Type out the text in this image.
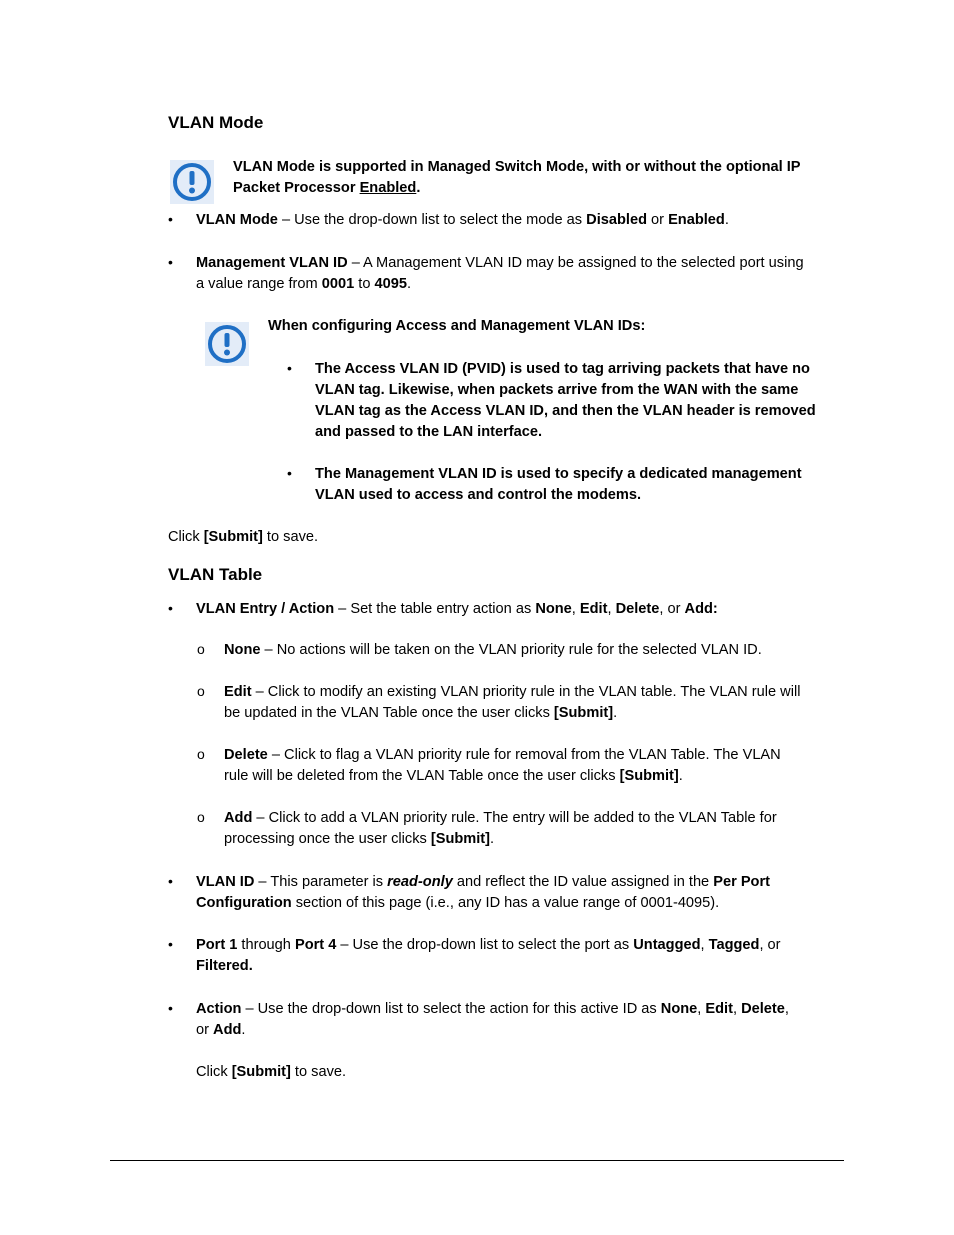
VLAN Mode
VLAN Mode is supported in Managed Switch Mode, with or without the optional IP
Packet Processor Enabled.
• VLAN Mode – Use the drop-down list to select the mode as Disabled or Enabled.
• Management VLAN ID – A Management VLAN ID may be assigned to the selected port using
a value range from 0001 to 4095.
When configuring Access and Management VLAN IDs:
• The Access VLAN ID (PVID) is used to tag arriving packets that have no
VLAN tag. Likewise, when packets arrive from the WAN with the same
VLAN tag as the Access VLAN ID, and then the VLAN header is removed
and passed to the LAN interface.
• The Management VLAN ID is used to specify a dedicated management
VLAN used to access and control the modems.
Click [Submit] to save.
VLAN Table
• VLAN Entry / Action – Set the table entry action as None, Edit, Delete, or Add:
o None – No actions will be taken on the VLAN priority rule for the selected VLAN ID.
o Edit – Click to modify an existing VLAN priority rule in the VLAN table. The VLAN rule will
be updated in the VLAN Table once the user clicks [Submit].
o Delete – Click to flag a VLAN priority rule for removal from the VLAN Table. The VLAN
rule will be deleted from the VLAN Table once the user clicks [Submit].
o Add – Click to add a VLAN priority rule. The entry will be added to the VLAN Table for
processing once the user clicks [Submit].
• VLAN ID – This parameter is read-only and reflect the ID value assigned in the Per Port
Configuration section of this page (i.e., any ID has a value range of 0001-4095).
• Port 1 through Port 4 – Use the drop-down list to select the port as Untagged, Tagged, or
Filtered.
• Action – Use the drop-down list to select the action for this active ID as None, Edit, Delete,
or Add.
Click [Submit] to save.
